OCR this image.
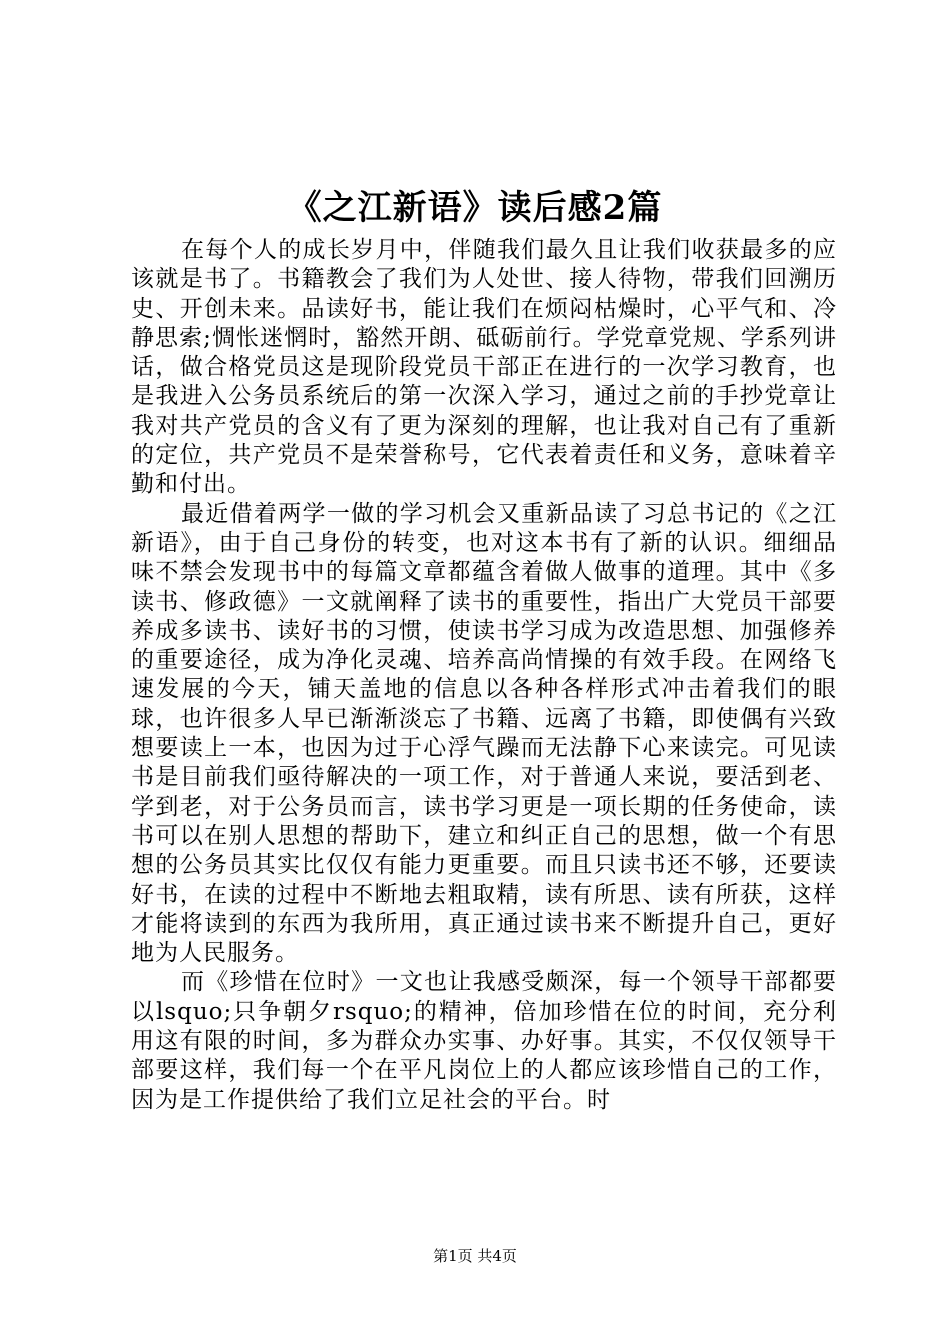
《之江新语》读后感2篇

在每个人的成长岁月中，伴随我们最久且让我们收获最多的应该就是书了。书籍教会了我们为人处世、接人待物，带我们回溯历史、开创未来。品读好书，能让我们在烦闷枯燥时，心平气和、冷静思索;惆怅迷惘时，豁然开朗、砥砺前行。学党章党规、学系列讲话，做合格党员这是现阶段党员干部正在进行的一次学习教育，也是我进入公务员系统后的第一次深入学习，通过之前的手抄党章让我对共产党员的含义有了更为深刻的理解，也让我对自己有了重新的定位，共产党员不是荣誉称号，它代表着责任和义务，意味着辛勤和付出。

最近借着两学一做的学习机会又重新品读了习总书记的《之江新语》，由于自己身份的转变，也对这本书有了新的认识。细细品味不禁会发现书中的每篇文章都蕴含着做人做事的道理。其中《多读书、修政德》一文就阐释了读书的重要性，指出广大党员干部要养成多读书、读好书的习惯，使读书学习成为改造思想、加强修养的重要途径，成为净化灵魂、培养高尚情操的有效手段。在网络飞速发展的今天，铺天盖地的信息以各种各样形式冲击着我们的眼球，也许很多人早已渐渐淡忘了书籍、远离了书籍，即使偶有兴致想要读上一本，也因为过于心浮气躁而无法静下心来读完。可见读书是目前我们亟待解决的一项工作，对于普通人来说，要活到老、学到老，对于公务员而言，读书学习更是一项长期的任务使命，读书可以在别人思想的帮助下，建立和纠正自己的思想，做一个有思想的公务员其实比仅仅有能力更重要。而且只读书还不够，还要读好书，在读的过程中不断地去粗取精，读有所思、读有所获，这样才能将读到的东西为我所用，真正通过读书来不断提升自己，更好地为人民服务。

而《珍惜在位时》一文也让我感受颇深，每一个领导干部都要以lsquo;只争朝夕rsquo;的精神，倍加珍惜在位的时间，充分利用这有限的时间，多为群众办实事、办好事。其实，不仅仅领导干部要这样，我们每一个在平凡岗位上的人都应该珍惜自己的工作，因为是工作提供给了我们立足社会的平台。时

第1页 共4页
